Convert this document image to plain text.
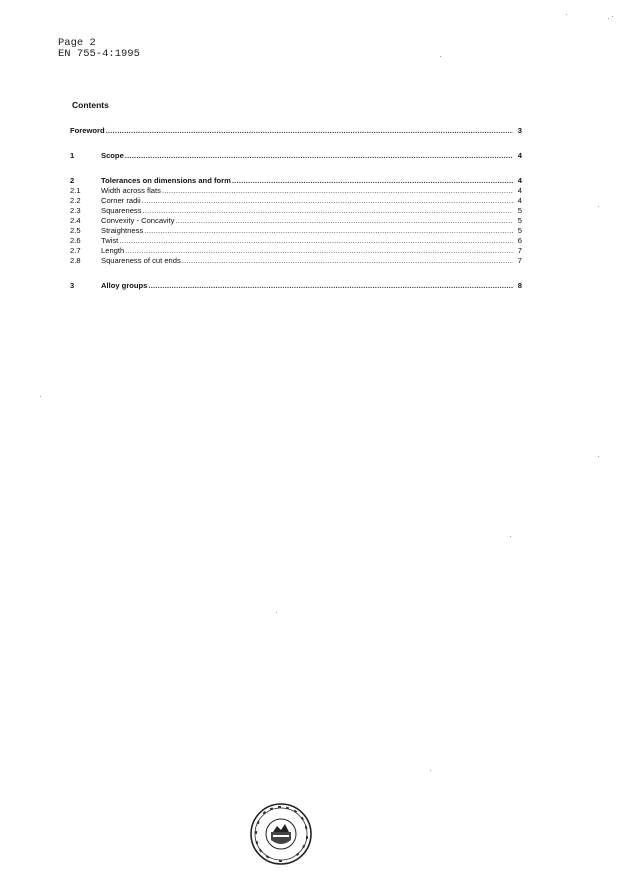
Page 2
EN 755-4:1995
Contents
Foreword .....	3
1	Scope .....	4
2	Tolerances on dimensions and form .....	4
2.1	Width across flats .....	4
2.2	Corner radii .....	4
2.3	Squareness .....	5
2.4	Convexity - Concavity .....	5
2.5	Straightness .....	5
2.6	Twist .....	6
2.7	Length .....	7
2.8	Squareness of cut ends .....	7
3	Alloy groups .....	8
